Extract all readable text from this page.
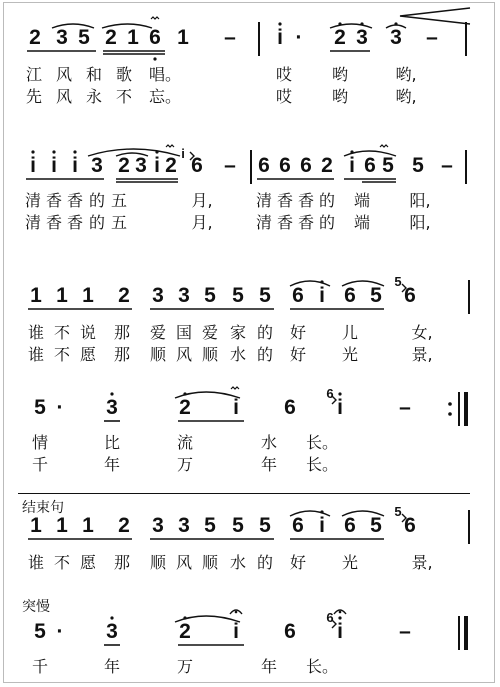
2 3 5 2 1 6 1 – i · 2 3 3 –
江 风 和 歌 唱。	哎 哟	哟,
先 风 永 不 忘。	哎 哟	哟,
i i i 3 2 3 i 2 6 – 6 6 6 2 i 6 5 5 –
i
清 香 香 的 五	月,	清 香 香 的 端 阳,
清 香 香 的 五	月,	清 香 香 的 端 阳,
1 1 1 2 3 3 5 5 5 6 i 6 5 6
5
谁 不 说 那 爱 国 爱 家 的 好 儿	女,
谁 不 愿 那 顺 风 顺 水 的 好 光	景,
5 · 3	2 i 6 i	–
6
情	比	流	水 长。
千	年	万	年 长。
结束句
1 1 1 2 3 3 5 5 5 6 i 6 5 6
5
谁 不 愿 那 顺 风 顺 水 的 好 光	景,
突慢
5 · 3	2 i 6 i	–
6
千	年	万	年 长。
